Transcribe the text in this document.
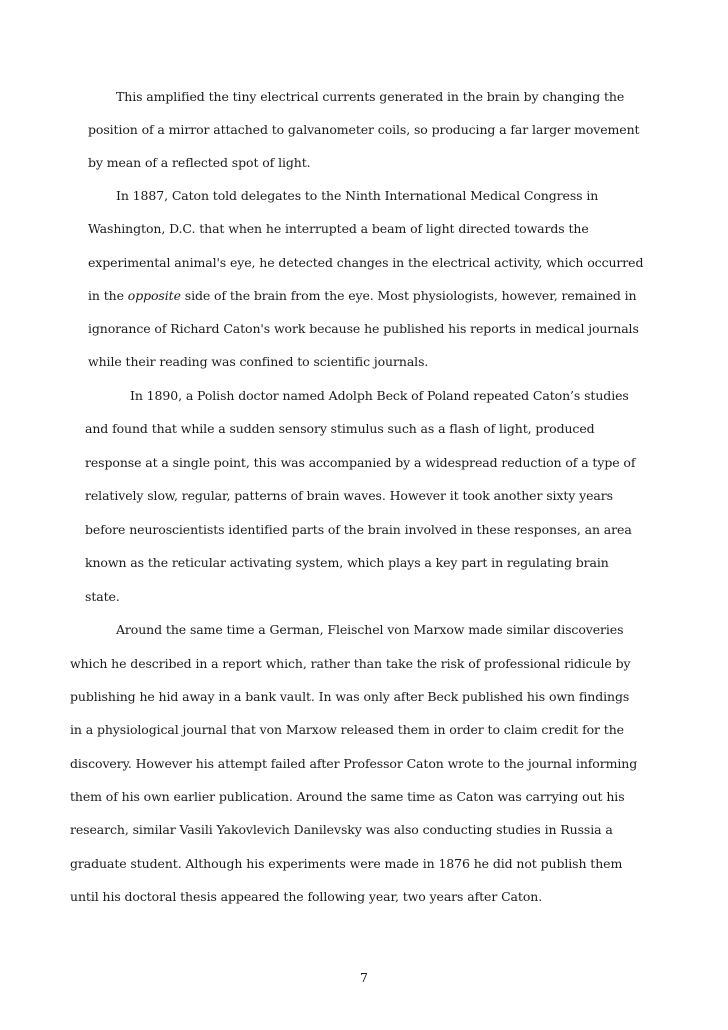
This amplified the tiny electrical currents generated in the brain by changing the
position of a mirror attached to galvanometer coils, so producing a far larger movement
by mean of a reflected spot of light.
In 1887, Caton told delegates to the Ninth International Medical Congress in
Washington, D.C. that when he interrupted a beam of light directed towards the
experimental animal's eye, he detected changes in the electrical activity, which occurred
in the opposite side of the brain from the eye. Most physiologists, however, remained in
ignorance of Richard Caton's work because he published his reports in medical journals
while their reading was confined to scientific journals.
In 1890, a Polish doctor named Adolph Beck of Poland repeated Caton’s studies
and found that while a sudden sensory stimulus such as a flash of light, produced
response at a single point, this was accompanied by a widespread reduction of a type of
relatively slow, regular, patterns of brain waves. However it took another sixty years
before neuroscientists identified parts of the brain involved in these responses, an area
known as the reticular activating system, which plays a key part in regulating brain
state.
Around the same time a German, Fleischel von Marxow made similar discoveries
which he described in a report which, rather than take the risk of professional ridicule by
publishing he hid away in a bank vault. In was only after Beck published his own findings
in a physiological journal that von Marxow released them in order to claim credit for the
discovery. However his attempt failed after Professor Caton wrote to the journal informing
them of his own earlier publication. Around the same time as Caton was carrying out his
research, similar Vasili Yakovlevich Danilevsky was also conducting studies in Russia a
graduate student. Although his experiments were made in 1876 he did not publish them
until his doctoral thesis appeared the following year, two years after Caton.
7
